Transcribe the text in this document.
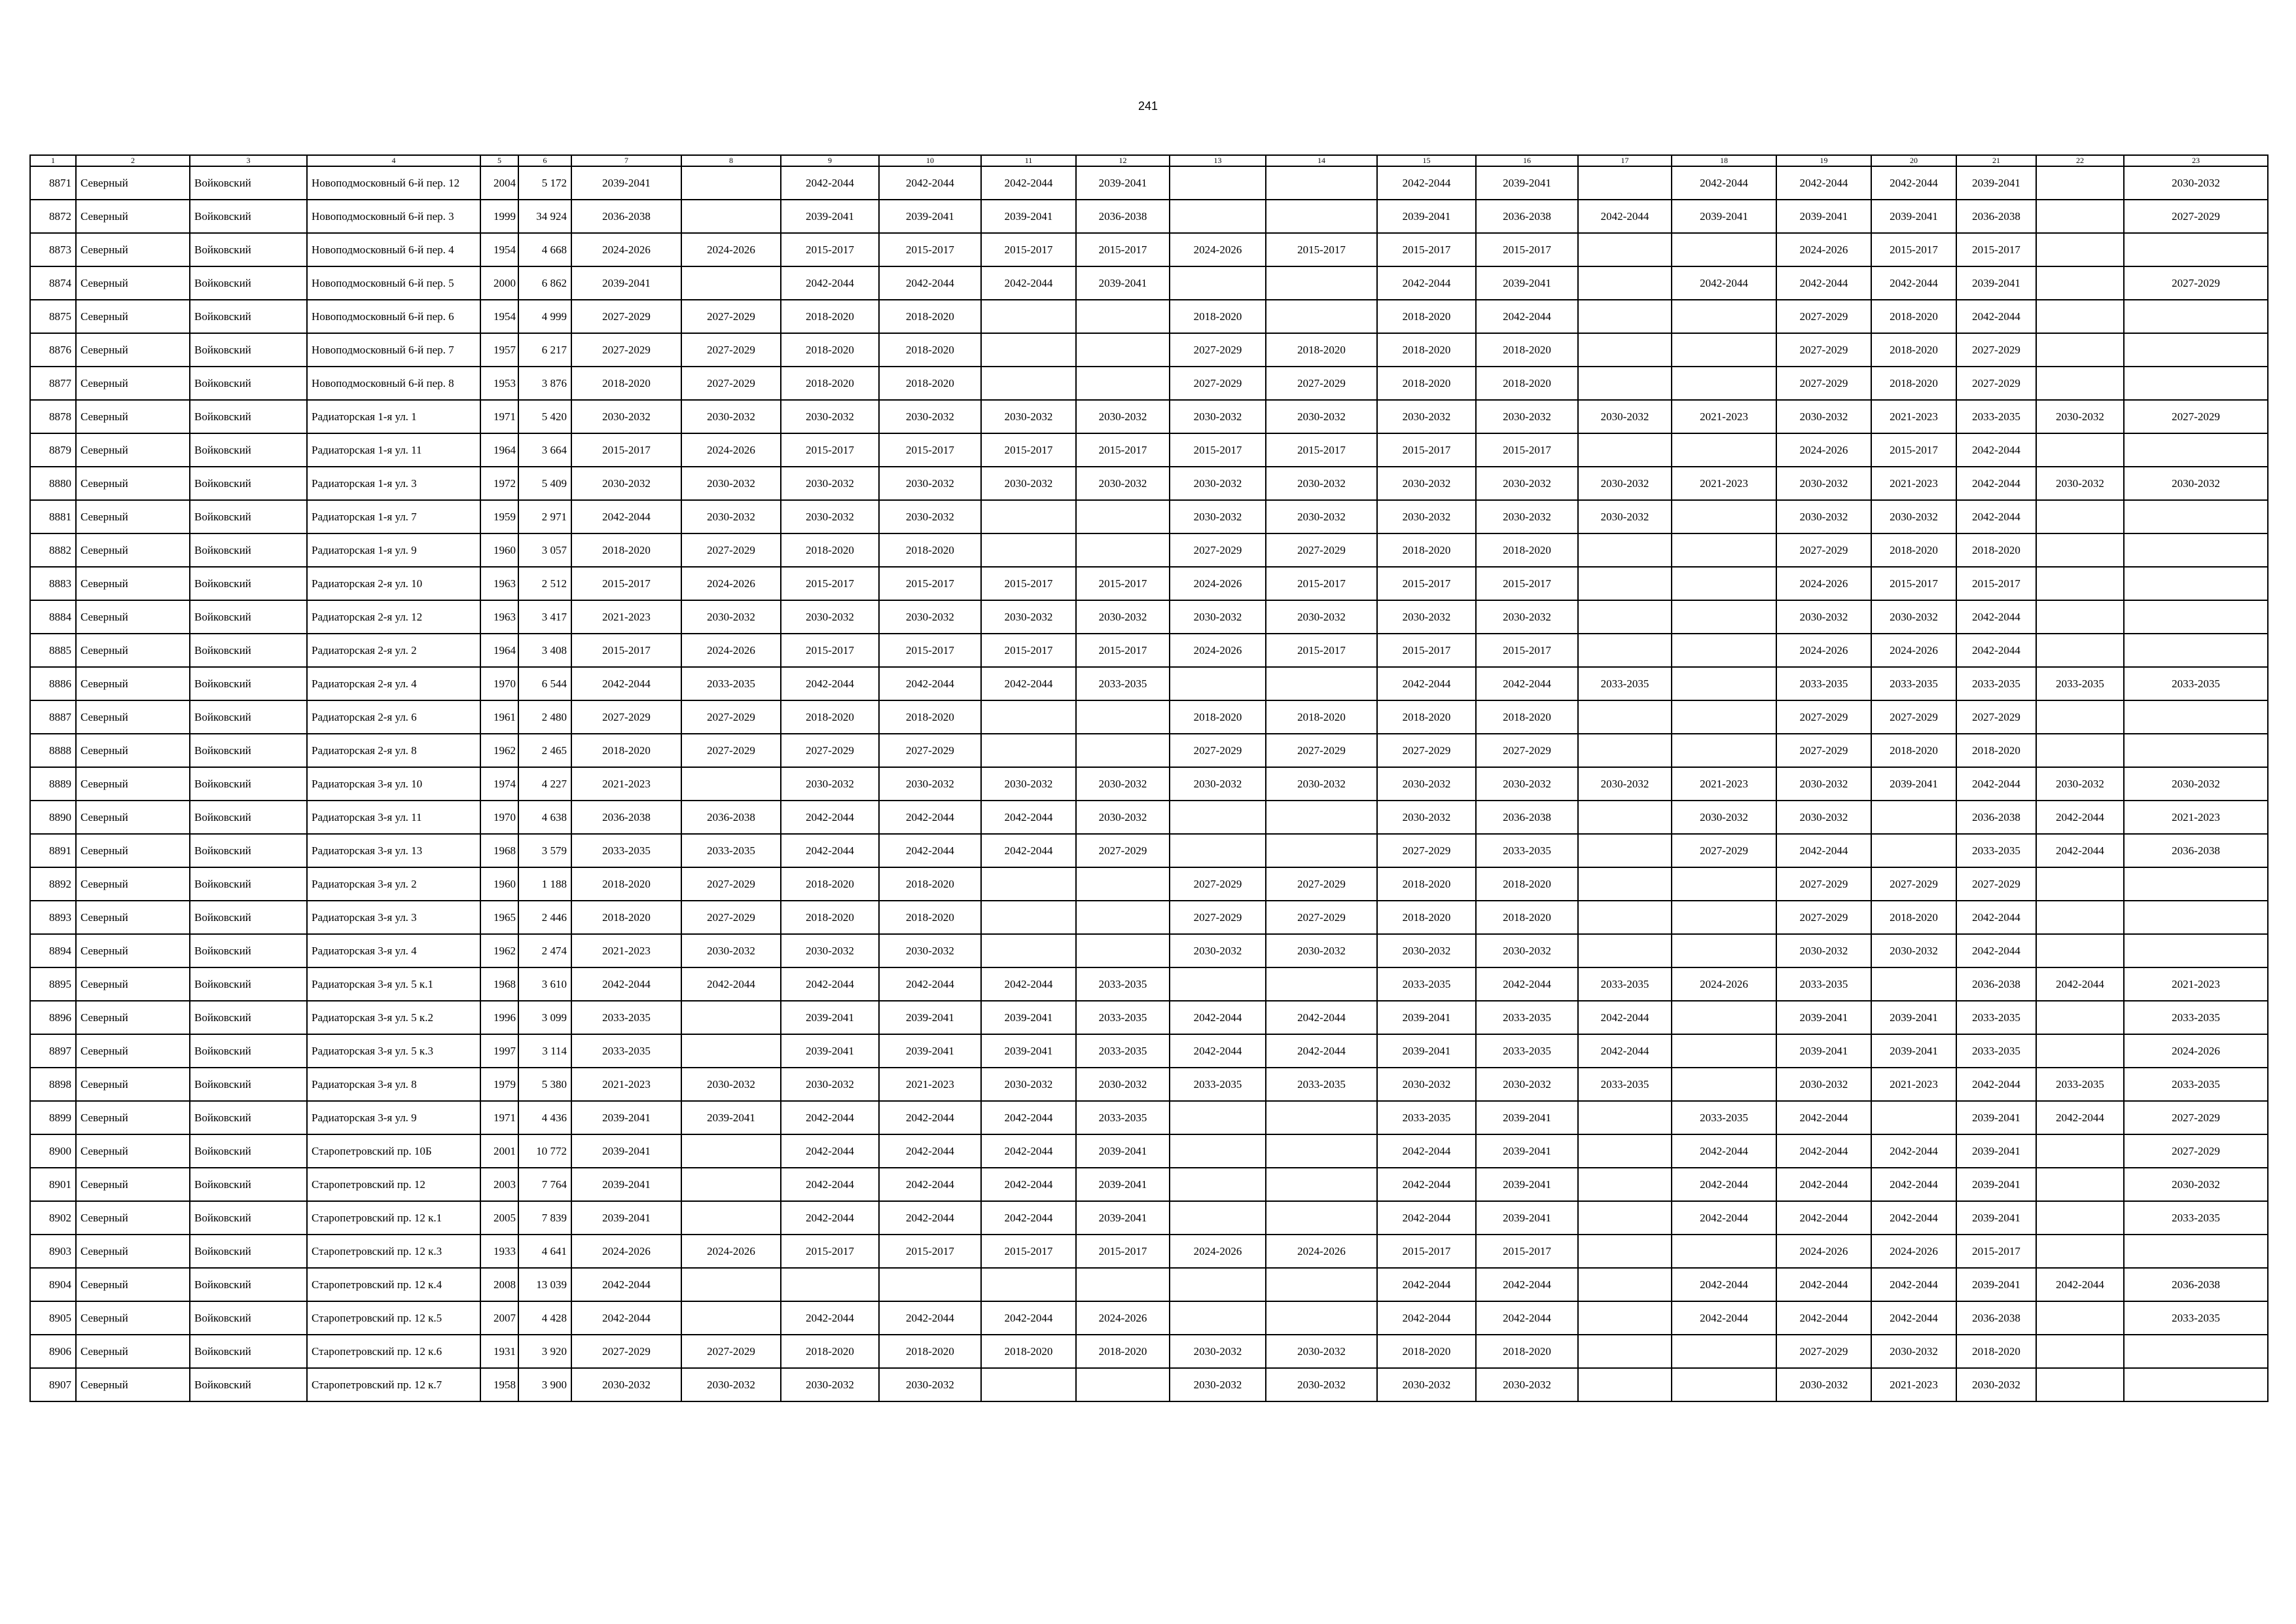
241
1	2	3	4	5	6	7	8	9	10	11	12	13	14	15	16	17	18	19	20	21	22	23
8871	Северный	Войковский	Новоподмосковный 6-й пер. 12	2004	5 172	2039-2041		2042-2044	2042-2044	2042-2044	2039-2041			2042-2044	2039-2041		2042-2044	2042-2044	2042-2044	2039-2041		2030-2032
8872	Северный	Войковский	Новоподмосковный 6-й пер. 3	1999	34 924	2036-2038		2039-2041	2039-2041	2039-2041	2036-2038			2039-2041	2036-2038	2042-2044	2039-2041	2039-2041	2039-2041	2036-2038		2027-2029
8873	Северный	Войковский	Новоподмосковный 6-й пер. 4	1954	4 668	2024-2026	2024-2026	2015-2017	2015-2017	2015-2017	2015-2017	2024-2026	2015-2017	2015-2017	2015-2017			2024-2026	2015-2017	2015-2017		
8874	Северный	Войковский	Новоподмосковный 6-й пер. 5	2000	6 862	2039-2041		2042-2044	2042-2044	2042-2044	2039-2041			2042-2044	2039-2041		2042-2044	2042-2044	2042-2044	2039-2041		2027-2029
8875	Северный	Войковский	Новоподмосковный 6-й пер. 6	1954	4 999	2027-2029	2027-2029	2018-2020	2018-2020			2018-2020		2018-2020	2042-2044			2027-2029	2018-2020	2042-2044		
8876	Северный	Войковский	Новоподмосковный 6-й пер. 7	1957	6 217	2027-2029	2027-2029	2018-2020	2018-2020			2027-2029	2018-2020	2018-2020	2018-2020			2027-2029	2018-2020	2027-2029		
8877	Северный	Войковский	Новоподмосковный 6-й пер. 8	1953	3 876	2018-2020	2027-2029	2018-2020	2018-2020			2027-2029	2027-2029	2018-2020	2018-2020			2027-2029	2018-2020	2027-2029		
8878	Северный	Войковский	Радиаторская 1-я ул. 1	1971	5 420	2030-2032	2030-2032	2030-2032	2030-2032	2030-2032	2030-2032	2030-2032	2030-2032	2030-2032	2030-2032	2030-2032	2021-2023	2030-2032	2021-2023	2033-2035	2030-2032	2027-2029
8879	Северный	Войковский	Радиаторская 1-я ул. 11	1964	3 664	2015-2017	2024-2026	2015-2017	2015-2017	2015-2017	2015-2017	2015-2017	2015-2017	2015-2017	2015-2017			2024-2026	2015-2017	2042-2044		
8880	Северный	Войковский	Радиаторская 1-я ул. 3	1972	5 409	2030-2032	2030-2032	2030-2032	2030-2032	2030-2032	2030-2032	2030-2032	2030-2032	2030-2032	2030-2032	2030-2032	2021-2023	2030-2032	2021-2023	2042-2044	2030-2032	2030-2032
8881	Северный	Войковский	Радиаторская 1-я ул. 7	1959	2 971	2042-2044	2030-2032	2030-2032	2030-2032			2030-2032	2030-2032	2030-2032	2030-2032	2030-2032		2030-2032	2030-2032	2042-2044		
8882	Северный	Войковский	Радиаторская 1-я ул. 9	1960	3 057	2018-2020	2027-2029	2018-2020	2018-2020			2027-2029	2027-2029	2018-2020	2018-2020			2027-2029	2018-2020	2018-2020		
8883	Северный	Войковский	Радиаторская 2-я ул. 10	1963	2 512	2015-2017	2024-2026	2015-2017	2015-2017	2015-2017	2015-2017	2024-2026	2015-2017	2015-2017	2015-2017			2024-2026	2015-2017	2015-2017		
8884	Северный	Войковский	Радиаторская 2-я ул. 12	1963	3 417	2021-2023	2030-2032	2030-2032	2030-2032	2030-2032	2030-2032	2030-2032	2030-2032	2030-2032	2030-2032			2030-2032	2030-2032	2042-2044		
8885	Северный	Войковский	Радиаторская 2-я ул. 2	1964	3 408	2015-2017	2024-2026	2015-2017	2015-2017	2015-2017	2015-2017	2024-2026	2015-2017	2015-2017	2015-2017			2024-2026	2024-2026	2042-2044		
8886	Северный	Войковский	Радиаторская 2-я ул. 4	1970	6 544	2042-2044	2033-2035	2042-2044	2042-2044	2042-2044	2033-2035			2042-2044	2042-2044	2033-2035		2033-2035	2033-2035	2033-2035	2033-2035	2033-2035
8887	Северный	Войковский	Радиаторская 2-я ул. 6	1961	2 480	2027-2029	2027-2029	2018-2020	2018-2020			2018-2020	2018-2020	2018-2020	2018-2020			2027-2029	2027-2029	2027-2029		
8888	Северный	Войковский	Радиаторская 2-я ул. 8	1962	2 465	2018-2020	2027-2029	2027-2029	2027-2029			2027-2029	2027-2029	2027-2029	2027-2029			2027-2029	2018-2020	2018-2020		
8889	Северный	Войковский	Радиаторская 3-я ул. 10	1974	4 227	2021-2023		2030-2032	2030-2032	2030-2032	2030-2032	2030-2032	2030-2032	2030-2032	2030-2032	2030-2032	2021-2023	2030-2032	2039-2041	2042-2044	2030-2032	2030-2032
8890	Северный	Войковский	Радиаторская 3-я ул. 11	1970	4 638	2036-2038	2036-2038	2042-2044	2042-2044	2042-2044	2030-2032			2030-2032	2036-2038		2030-2032	2030-2032		2036-2038	2042-2044	2021-2023
8891	Северный	Войковский	Радиаторская 3-я ул. 13	1968	3 579	2033-2035	2033-2035	2042-2044	2042-2044	2042-2044	2027-2029			2027-2029	2033-2035		2027-2029	2042-2044		2033-2035	2042-2044	2036-2038
8892	Северный	Войковский	Радиаторская 3-я ул. 2	1960	1 188	2018-2020	2027-2029	2018-2020	2018-2020			2027-2029	2027-2029	2018-2020	2018-2020			2027-2029	2027-2029	2027-2029		
8893	Северный	Войковский	Радиаторская 3-я ул. 3	1965	2 446	2018-2020	2027-2029	2018-2020	2018-2020			2027-2029	2027-2029	2018-2020	2018-2020			2027-2029	2018-2020	2042-2044		
8894	Северный	Войковский	Радиаторская 3-я ул. 4	1962	2 474	2021-2023	2030-2032	2030-2032	2030-2032			2030-2032	2030-2032	2030-2032	2030-2032			2030-2032	2030-2032	2042-2044		
8895	Северный	Войковский	Радиаторская 3-я ул. 5 к.1	1968	3 610	2042-2044	2042-2044	2042-2044	2042-2044	2042-2044	2033-2035			2033-2035	2042-2044	2033-2035	2024-2026	2033-2035		2036-2038	2042-2044	2021-2023
8896	Северный	Войковский	Радиаторская 3-я ул. 5 к.2	1996	3 099	2033-2035		2039-2041	2039-2041	2039-2041	2033-2035	2042-2044	2042-2044	2039-2041	2033-2035	2042-2044		2039-2041	2039-2041	2033-2035		2033-2035
8897	Северный	Войковский	Радиаторская 3-я ул. 5 к.3	1997	3 114	2033-2035		2039-2041	2039-2041	2039-2041	2033-2035	2042-2044	2042-2044	2039-2041	2033-2035	2042-2044		2039-2041	2039-2041	2033-2035		2024-2026
8898	Северный	Войковский	Радиаторская 3-я ул. 8	1979	5 380	2021-2023	2030-2032	2030-2032	2021-2023	2030-2032	2030-2032	2033-2035	2033-2035	2030-2032	2030-2032	2033-2035		2030-2032	2021-2023	2042-2044	2033-2035	2033-2035
8899	Северный	Войковский	Радиаторская 3-я ул. 9	1971	4 436	2039-2041	2039-2041	2042-2044	2042-2044	2042-2044	2033-2035			2033-2035	2039-2041		2033-2035	2042-2044		2039-2041	2042-2044	2027-2029
8900	Северный	Войковский	Старопетровский пр. 10Б	2001	10 772	2039-2041		2042-2044	2042-2044	2042-2044	2039-2041			2042-2044	2039-2041		2042-2044	2042-2044	2042-2044	2039-2041		2027-2029
8901	Северный	Войковский	Старопетровский пр. 12	2003	7 764	2039-2041		2042-2044	2042-2044	2042-2044	2039-2041			2042-2044	2039-2041		2042-2044	2042-2044	2042-2044	2039-2041		2030-2032
8902	Северный	Войковский	Старопетровский пр. 12 к.1	2005	7 839	2039-2041		2042-2044	2042-2044	2042-2044	2039-2041			2042-2044	2039-2041		2042-2044	2042-2044	2042-2044	2039-2041		2033-2035
8903	Северный	Войковский	Старопетровский пр. 12 к.3	1933	4 641	2024-2026	2024-2026	2015-2017	2015-2017	2015-2017	2015-2017	2024-2026	2024-2026	2015-2017	2015-2017			2024-2026	2024-2026	2015-2017		
8904	Северный	Войковский	Старопетровский пр. 12 к.4	2008	13 039	2042-2044								2042-2044	2042-2044		2042-2044	2042-2044	2042-2044	2039-2041	2042-2044	2036-2038
8905	Северный	Войковский	Старопетровский пр. 12 к.5	2007	4 428	2042-2044		2042-2044	2042-2044	2042-2044	2024-2026			2042-2044	2042-2044		2042-2044	2042-2044	2042-2044	2036-2038		2033-2035
8906	Северный	Войковский	Старопетровский пр. 12 к.6	1931	3 920	2027-2029	2027-2029	2018-2020	2018-2020	2018-2020	2018-2020	2030-2032	2030-2032	2018-2020	2018-2020			2027-2029	2030-2032	2018-2020		
8907	Северный	Войковский	Старопетровский пр. 12 к.7	1958	3 900	2030-2032	2030-2032	2030-2032	2030-2032			2030-2032	2030-2032	2030-2032	2030-2032			2030-2032	2021-2023	2030-2032		
